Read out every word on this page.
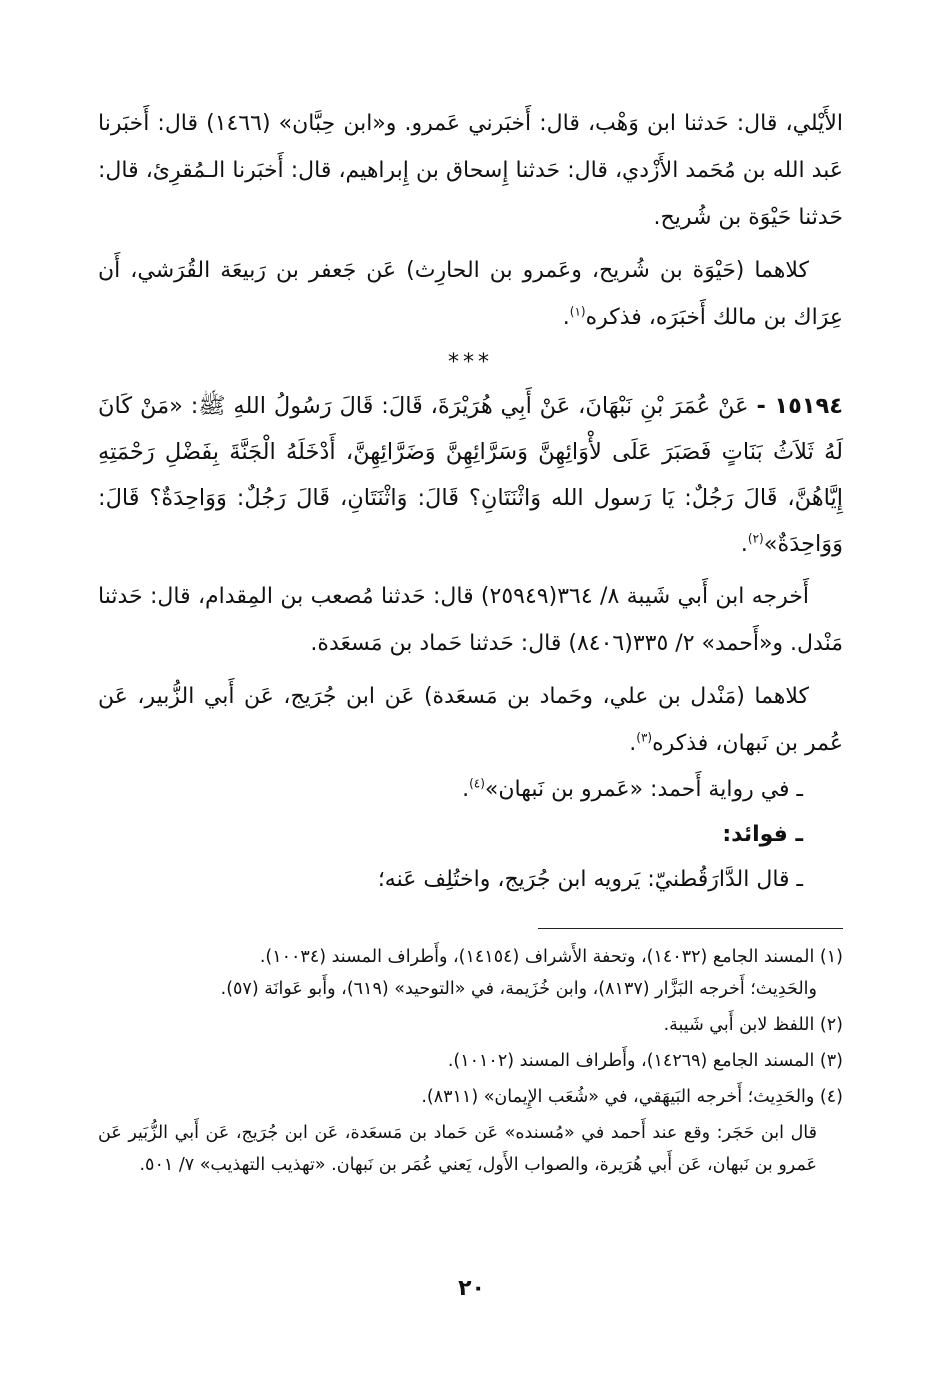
الأَيْلي، قال: حَدثنا ابن وَهْب، قال: أَخبَرني عَمرو. و«ابن حِبَّان» (١٤٦٦) قال: أَخبَرنا عَبد الله بن مُحَمد الأَزْدي، قال: حَدثنا إِسحاق بن إِبراهيم، قال: أَخبَرنا الـمُقرِئ، قال: حَدثنا حَيْوَة بن شُريح.

كلاهما (حَيْوَة بن شُريح، وعَمرو بن الحارِث) عَن جَعفر بن رَبيعَة القُرَشي، أَن عِرَاك بن مالك أَخبَرَه، فذكره$^{(١)}$.

***

١٥١٩٤ - عَنْ عُمَرَ بْنِ نَبْهَانَ، عَنْ أَبِي هُرَيْرَةَ، قَالَ: قَالَ رَسُولُ اللهِ ﷺ: «مَنْ كَانَ لَهُ ثَلاَثُ بَنَاتٍ فَصَبَرَ عَلَى لأْوَائِهِنَّ وَسَرَّائِهِنَّ وَضَرَّائِهِنَّ، أَدْخَلَهُ الْجَنَّةَ بِفَضْلِ رَحْمَتِهِ إِيَّاهُنَّ، قَالَ رَجُلٌ: يَا رَسول الله وَاثْنَتَانِ؟ قَالَ: وَاثْنَتَانِ، قَالَ رَجُلٌ: وَوَاحِدَةٌ؟ قَالَ: وَوَاحِدَةٌ»$^{(٢)}$.

أَخرجه ابن أَبي شَيبة ٨/ ٣٦٤(٢٥٩٤٩) قال: حَدثنا مُصعب بن المِقدام، قال: حَدثنا مَنْدل. و«أَحمد» ٢/ ٣٣٥(٨٤٠٦) قال: حَدثنا حَماد بن مَسعَدة.

كلاهما (مَنْدل بن علي، وحَماد بن مَسعَدة) عَن ابن جُرَيج، عَن أَبي الزُّبير، عَن عُمر بن نَبهان، فذكره$^{(٣)}$.

ـ في رواية أَحمد: «عَمرو بن نَبهان»$^{(٤)}$.

ـ فوائد:

ـ قال الدَّارَقُطنيّ: يَرويه ابن جُرَيج، واختُلِف عَنه؛

(١) المسند الجامع (١٤٠٣٢)، وتحفة الأَشراف (١٤١٥٤)، وأَطراف المسند (١٠٠٣٤).

والحَدِيث؛ أَخرجه البَزَّار (٨١٣٧)، وابن خُزَيمة، في «التوحيد» (٦١٩)، وأَبو عَوانَة (٥٧).

(٢) اللفظ لابن أَبي شَيبة.

(٣) المسند الجامع (١٤٢٦٩)، وأَطراف المسند (١٠١٠٢).

(٤) والحَدِيث؛ أَخرجه البَيهَقي، في «شُعَب الإِيمان» (٨٣١١).

قال ابن حَجَر: وقع عند أَحمد في «مُسنده» عَن حَماد بن مَسعَدة، عَن ابن جُرَيج، عَن أَبي الزُّبَير عَن عَمرو بن نَبهان، عَن أَبي هُرَيرة، والصواب الأَول، يَعني عُمَر بن نَبهان. «تهذيب التهذيب» ٧/ ٥٠١.

٢٠
